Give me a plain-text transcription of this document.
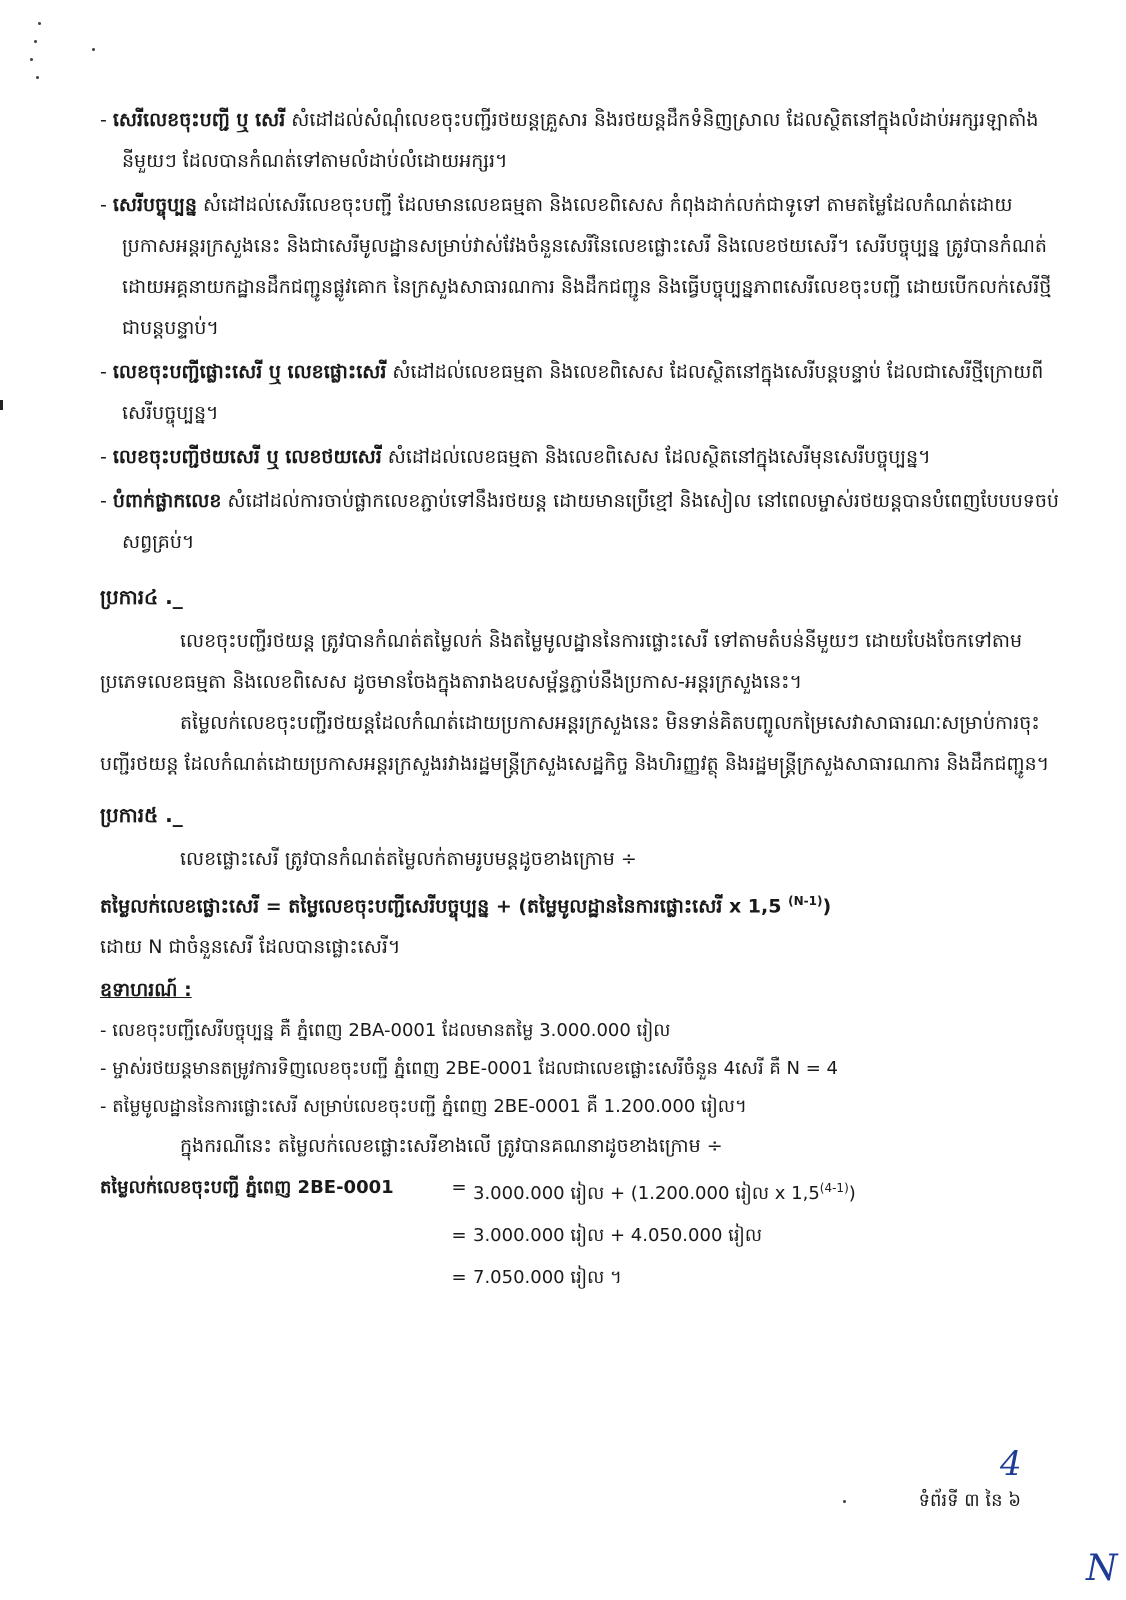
- សេរីលេខចុះបញ្ជី ឬ សេរី សំដៅដល់សំណុំលេខចុះបញ្ជីរថយន្តគ្រួសារ និងរថយន្តដឹកទំនិញស្រាល ដែលស្ថិតនៅក្នុងលំដាប់អក្សរឡាតាំងនីមួយៗ ដែលបានកំណត់ទៅតាមលំដាប់លំដោយអក្សរ។

- សេរីបច្ចុប្បន្ន សំដៅដល់សេរីលេខចុះបញ្ជី ដែលមានលេខធម្មតា និងលេខពិសេស កំពុងដាក់លក់ជាទូទៅ តាមតម្លៃដែលកំណត់ដោយប្រកាសអន្តរក្រសួងនេះ និងជាសេរីមូលដ្ឋានសម្រាប់វាស់វែងចំនួនសេរីនៃលេខផ្លោះសេរី និងលេខថយសេរី។ សេរីបច្ចុប្បន្ន ត្រូវបានកំណត់ដោយអគ្គនាយកដ្ឋានដឹកជញ្ជូនផ្លូវគោក នៃក្រសួងសាធារណការ និងដឹកជញ្ជូន និងធ្វើបច្ចុប្បន្នភាពសេរីលេខចុះបញ្ជី ដោយបើកលក់សេរីថ្មីជាបន្តបន្ទាប់។

- លេខចុះបញ្ជីផ្លោះសេរី ឬ លេខផ្លោះសេរី សំដៅដល់លេខធម្មតា និងលេខពិសេស ដែលស្ថិតនៅក្នុងសេរីបន្តបន្ទាប់ ដែលជាសេរីថ្មីក្រោយពីសេរីបច្ចុប្បន្ន។

- លេខចុះបញ្ជីថយសេរី ឬ លេខថយសេរី សំដៅដល់លេខធម្មតា និងលេខពិសេស ដែលស្ថិតនៅក្នុងសេរីមុនសេរីបច្ចុប្បន្ន។

- បំពាក់ផ្លាកលេខ សំដៅដល់ការចាប់ផ្លាកលេខភ្ជាប់ទៅនឹងរថយន្ត ដោយមានប្រើខ្មៅ និងសៀល នៅពេលម្ចាស់រថយន្តបានបំពេញបែបបទចប់សព្វគ្រប់។

ប្រការ៤ ._

លេខចុះបញ្ជីរថយន្ត ត្រូវបានកំណត់តម្លៃលក់ និងតម្លៃមូលដ្ឋាននៃការផ្លោះសេរី ទៅតាមតំបន់នីមួយៗ ដោយបែងចែកទៅតាមប្រភេទលេខធម្មតា និងលេខពិសេស ដូចមានចែងក្នុងតារាងឧបសម្ព័ន្ធភ្ជាប់នឹងប្រកាស-អន្តរក្រសួងនេះ។

តម្លៃលក់លេខចុះបញ្ជីរថយន្តដែលកំណត់ដោយប្រកាសអន្តរក្រសួងនេះ មិនទាន់គិតបញ្ចូលកម្រៃសេវាសាធារណៈសម្រាប់ការចុះបញ្ជីរថយន្ត ដែលកំណត់ដោយប្រកាសអន្តរក្រសួងរវាងរដ្ឋមន្ត្រីក្រសួងសេដ្ឋកិច្ច និងហិរញ្ញវត្ថុ និងរដ្ឋមន្ត្រីក្រសួងសាធារណការ និងដឹកជញ្ជូន។

ប្រការ៥ ._

លេខផ្លោះសេរី ត្រូវបានកំណត់តម្លៃលក់តាមរូបមន្តដូចខាងក្រោម ÷

តម្លៃលក់លេខផ្លោះសេរី = តម្លៃលេខចុះបញ្ជីសេរីបច្ចុប្បន្ន + (តម្លៃមូលដ្ឋាននៃការផ្លោះសេរី x 1,5 $^{(N-1)}$)

ដោយ N ជាចំនួនសេរី ដែលបានផ្លោះសេរី។

ឧទាហរណ៍ :

- លេខចុះបញ្ជីសេរីបច្ចុប្បន្ន គឺ ភ្នំពេញ 2BA-0001 ដែលមានតម្លៃ 3.000.000 រៀល

- ម្ចាស់រថយន្តមានតម្រូវការទិញលេខចុះបញ្ជី ភ្នំពេញ 2BE-0001 ដែលជាលេខផ្លោះសេរីចំនួន 4សេរី គឺ N = 4

- តម្លៃមូលដ្ឋាននៃការផ្លោះសេរី សម្រាប់លេខចុះបញ្ជី ភ្នំពេញ 2BE-0001 គឺ 1.200.000 រៀល។

ក្នុងករណីនេះ តម្លៃលក់លេខផ្លោះសេរីខាងលើ ត្រូវបានគណនាដូចខាងក្រោម ÷

តម្លៃលក់លេខចុះបញ្ជី ភ្នំពេញ 2BE-0001	= 3.000.000 រៀល + (1.200.000 រៀល x $1,5^{(4-1)}$)
= 3.000.000 រៀល + 4.050.000 រៀល
= 7.050.000 រៀល ។
4
N
ទំព័រទី ៣ នៃ ៦
